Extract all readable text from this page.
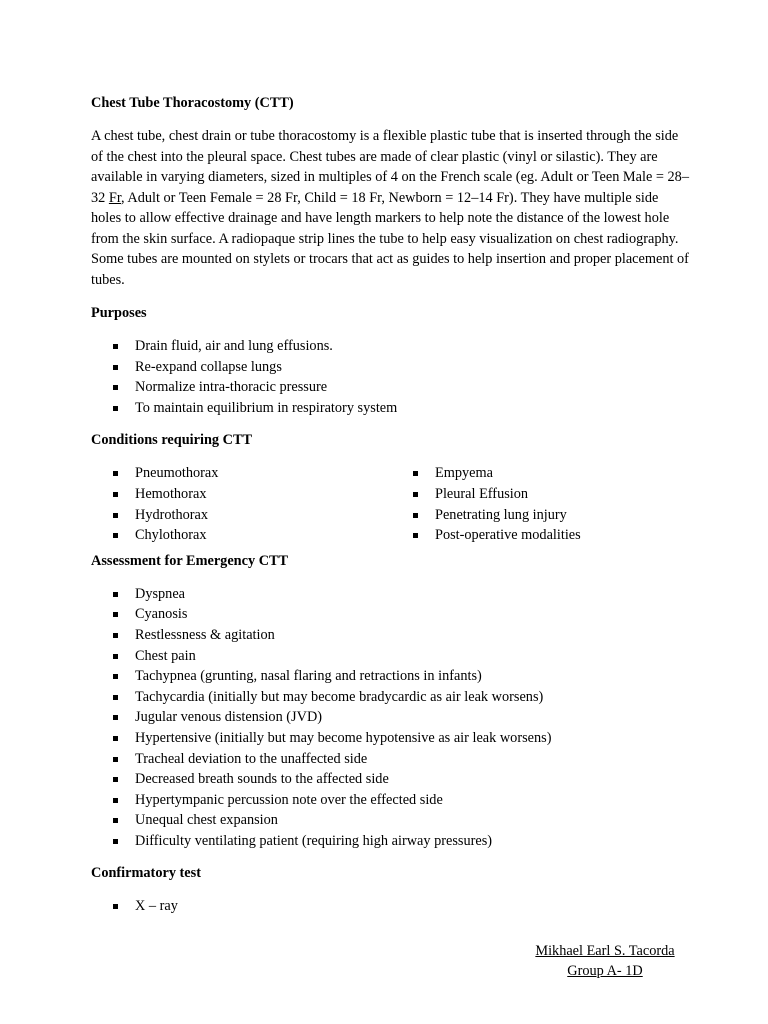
Chest Tube Thoracostomy (CTT)

A chest tube, chest drain or tube thoracostomy is a flexible plastic tube that is inserted through the side of the chest into the pleural space. Chest tubes are made of clear plastic (vinyl or silastic). They are available in varying diameters, sized in multiples of 4 on the French scale (eg. Adult or Teen Male = 28–32 Fr, Adult or Teen Female = 28 Fr, Child = 18 Fr, Newborn = 12–14 Fr). They have multiple side holes to allow effective drainage and have length markers to help note the distance of the lowest hole from the skin surface. A radiopaque strip lines the tube to help easy visualization on chest radiography. Some tubes are mounted on stylets or trocars that act as guides to help insertion and proper placement of tubes.

Purposes

Drain fluid, air and lung effusions.
Re-expand collapse lungs
Normalize intra-thoracic pressure
To maintain equilibrium in respiratory system

Conditions requiring CTT

Pneumothorax
Hemothorax
Hydrothorax
Chylothorax
Empyema
Pleural Effusion
Penetrating lung injury
Post-operative modalities

Assessment for Emergency CTT

Dyspnea
Cyanosis
Restlessness & agitation
Chest pain
Tachypnea (grunting, nasal flaring and retractions in infants)
Tachycardia (initially but may become bradycardic as air leak worsens)
Jugular venous distension (JVD)
Hypertensive (initially but may become hypotensive as air leak worsens)
Tracheal deviation to the unaffected side
Decreased breath sounds to the affected side
Hypertympanic percussion note over the effected side
Unequal chest expansion
Difficulty ventilating patient (requiring high airway pressures)

Confirmatory test

X – ray
Mikhael Earl S. Tacorda
Group A- 1D
